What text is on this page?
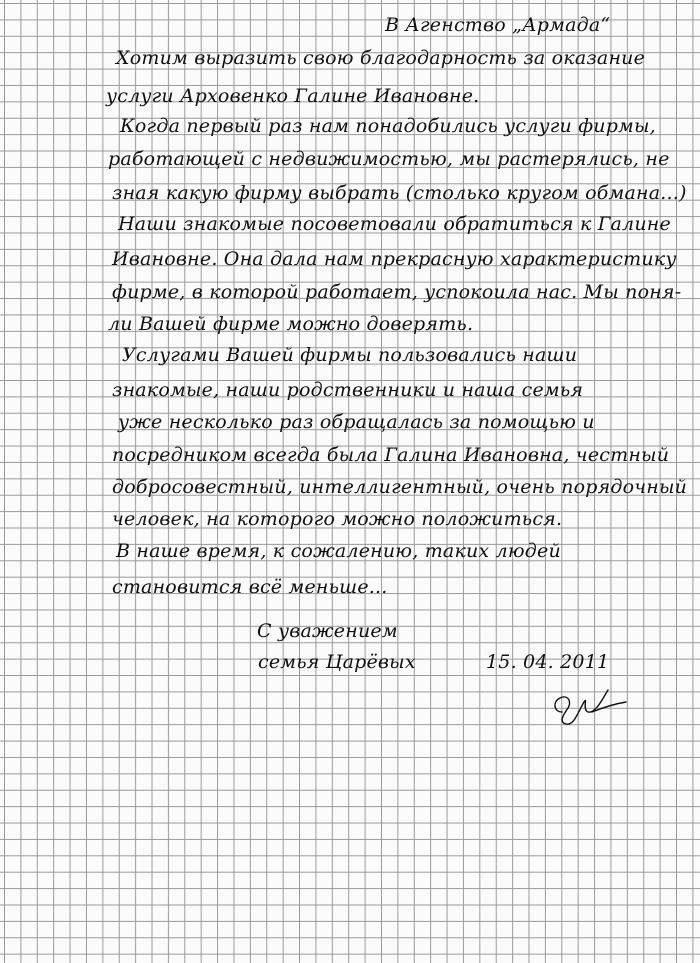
В Агенство „Армада“
Хотим выразить свою благодарность за оказание
услуги Арховенко Галине Ивановне.
Когда первый раз нам понадобились услуги фирмы,
работающей с недвижимостью, мы растерялись, не
зная какую фирму выбрать (столько кругом обмана...)
Наши знакомые посоветовали обратиться к Галине
Ивановне. Она дала нам прекрасную характеристику
фирме, в которой работает, успокоила нас. Мы поня-
ли Вашей фирме можно доверять.
Услугами Вашей фирмы пользовались наши
знакомые, наши родственники и наша семья
уже несколько раз обращалась за помощью и
посредником всегда была Галина Ивановна, честный
добросовестный, интеллигентный, очень порядочный
человек, на которого можно положиться.
В наше время, к сожалению, таких людей
становится всё меньше...
С уважением
семья Царёвых	15. 04. 2011
